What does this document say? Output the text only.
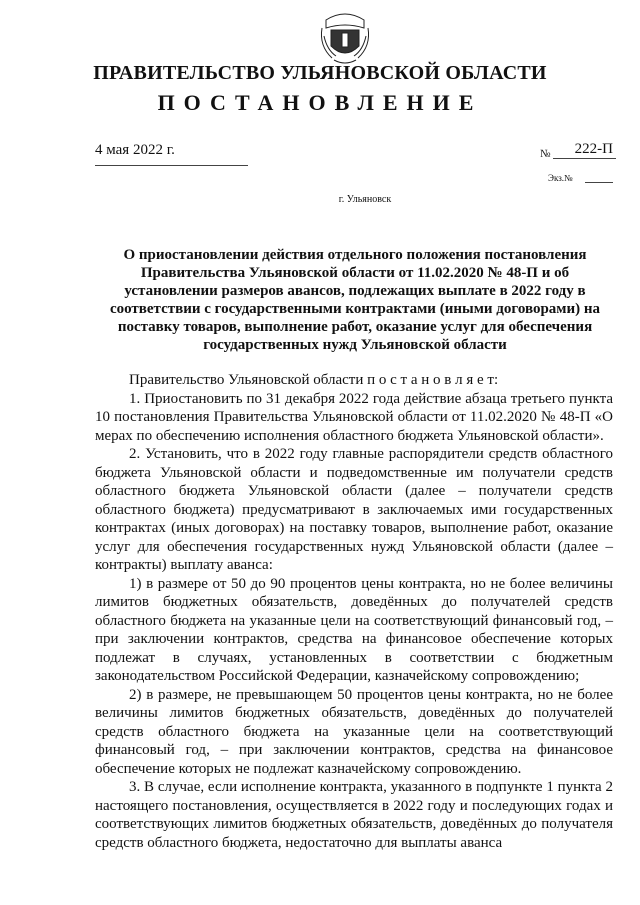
ПРАВИТЕЛЬСТВО УЛЬЯНОВСКОЙ ОБЛАСТИ
ПОСТАНОВЛЕНИЕ
4 мая 2022 г.	№	222-П
Экз.№
г. Ульяновск
О приостановлении действия отдельного положения постановления Правительства Ульяновской области от 11.02.2020 № 48-П и об установлении размеров авансов, подлежащих выплате в 2022 году в соответствии с государственными контрактами (иными договорами) на поставку товаров, выполнение работ, оказание услуг для обеспечения государственных нужд Ульяновской области

Правительство Ульяновской области п о с т а н о в л я е т:

1. Приостановить по 31 декабря 2022 года действие абзаца третьего пункта 10 постановления Правительства Ульяновской области от 11.02.2020 № 48-П «О мерах по обеспечению исполнения областного бюджета Ульяновской области».

2. Установить, что в 2022 году главные распорядители средств областного бюджета Ульяновской области и подведомственные им получатели средств областного бюджета Ульяновской области (далее – получатели средств областного бюджета) предусматривают в заключаемых ими государственных контрактах (иных договорах) на поставку товаров, выполнение работ, оказание услуг для обеспечения государственных нужд Ульяновской области (далее – контракты) выплату аванса:

1) в размере от 50 до 90 процентов цены контракта, но не более величины лимитов бюджетных обязательств, доведённых до получателей средств областного бюджета на указанные цели на соответствующий финансовый год, – при заключении контрактов, средства на финансовое обеспечение которых подлежат в случаях, установленных в соответствии с бюджетным законодательством Российской Федерации, казначейскому сопровождению;

2) в размере, не превышающем 50 процентов цены контракта, но не более величины лимитов бюджетных обязательств, доведённых до получателей средств областного бюджета на указанные цели на соответствующий финансовый год, – при заключении контрактов, средства на финансовое обеспечение которых не подлежат казначейскому сопровождению.

3. В случае, если исполнение контракта, указанного в подпункте 1 пункта 2 настоящего постановления, осуществляется в 2022 году и последующих годах и соответствующих лимитов бюджетных обязательств, доведённых до получателя средств областного бюджета, недостаточно для выплаты аванса
